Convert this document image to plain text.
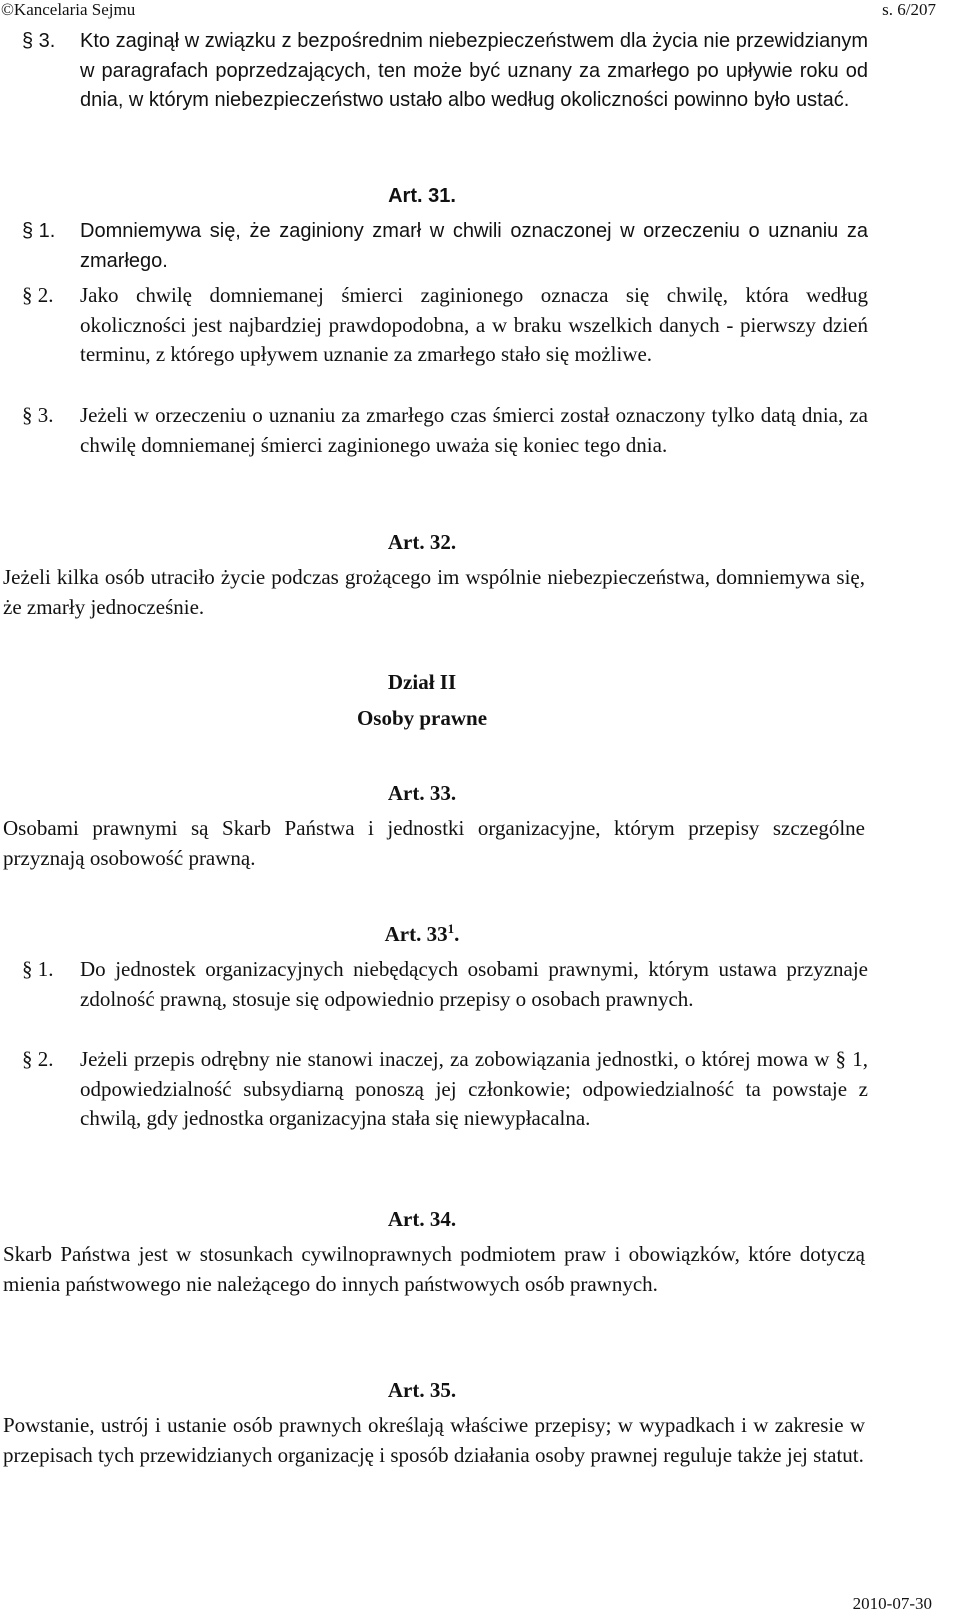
©Kancelaria Sejmu	s. 6/207
§ 3. Kto zaginął w związku z bezpośrednim niebezpieczeństwem dla życia nie przewidzianym w paragrafach poprzedzających, ten może być uznany za zmarłego po upływie roku od dnia, w którym niebezpieczeństwo ustało albo według okoliczności powinno było ustać.
Art. 31.
§ 1. Domniemywa się, że zaginiony zmarł w chwili oznaczonej w orzeczeniu o uznaniu za zmarłego.
§ 2. Jako chwilę domniemanej śmierci zaginionego oznacza się chwilę, która według okoliczności jest najbardziej prawdopodobna, a w braku wszelkich danych - pierwszy dzień terminu, z którego upływem uznanie za zmarłego stało się możliwe.
§ 3. Jeżeli w orzeczeniu o uznaniu za zmarłego czas śmierci został oznaczony tylko datą dnia, za chwilę domniemanej śmierci zaginionego uważa się koniec tego dnia.
Art. 32.
Jeżeli kilka osób utraciło życie podczas grożącego im wspólnie niebezpieczeństwa, domniemywa się, że zmarły jednocześnie.
Dział II
Osoby prawne
Art. 33.
Osobami prawnymi są Skarb Państwa i jednostki organizacyjne, którym przepisy szczególne przyznają osobowość prawną.
Art. $33^1$.
§ 1. Do jednostek organizacyjnych niebędących osobami prawnymi, którym ustawa przyznaje zdolność prawną, stosuje się odpowiednio przepisy o osobach prawnych.
§ 2. Jeżeli przepis odrębny nie stanowi inaczej, za zobowiązania jednostki, o której mowa w § 1, odpowiedzialność subsydiarną ponoszą jej członkowie; odpowiedzialność ta powstaje z chwilą, gdy jednostka organizacyjna stała się niewypłacalna.
Art. 34.
Skarb Państwa jest w stosunkach cywilnoprawnych podmiotem praw i obowiązków, które dotyczą mienia państwowego nie należącego do innych państwowych osób prawnych.
Art. 35.
Powstanie, ustrój i ustanie osób prawnych określają właściwe przepisy; w wypadkach i w zakresie w przepisach tych przewidzianych organizację i sposób działania osoby prawnej reguluje także jej statut.
2010-07-30
